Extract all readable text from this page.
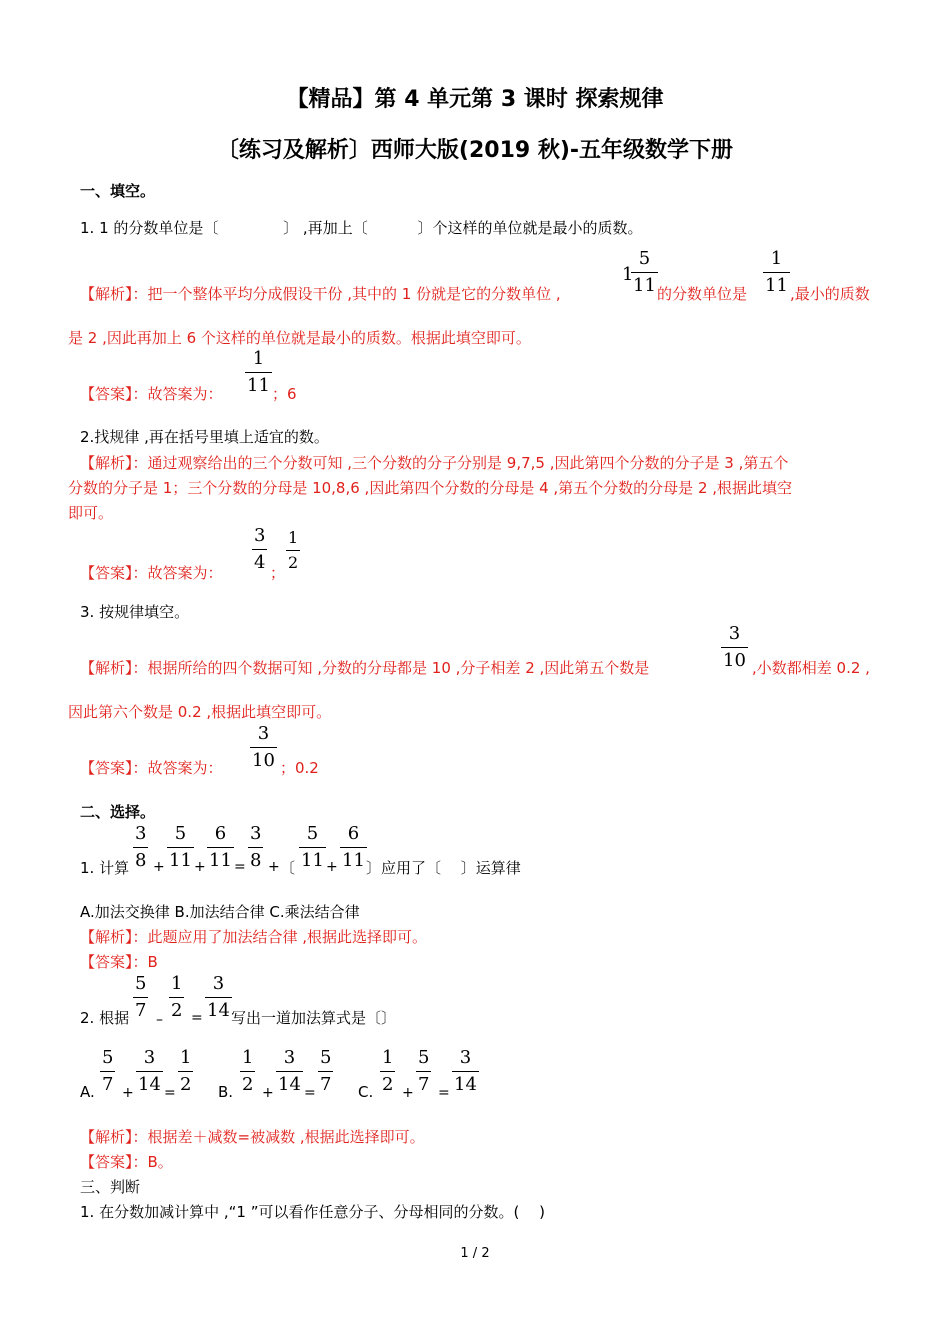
【精品】第 4 单元第 3 课时 探索规律
〔练习及解析〕西师大版(2019 秋)-五年级数学下册
一、填空。
1. 1 的分数单位是〔 　　　　〕 ,再加上〔 　　　〕个这样的单位就是最小的质数。
【解析】：把一个整体平均分成假设干份 ,其中的 1 份就是它的分数单位 ,
1
$\frac{5}{11}$ 的分数单位是 $\frac{1}{11}$ ,最小的质数
是 2 ,因此再加上 6 个这样的单位就是最小的质数。根据此填空即可。
【答案】：故答案为： $\frac{1}{11}$ ；6
2.找规律 ,再在括号里填上适宜的数。
【解析】：通过观察给出的三个分数可知 ,三个分数的分子分别是 9,7,5 ,因此第四个分数的分子是 3 ,第五个
分数的分子是 1；三个分数的分母是 10,8,6 ,因此第四个分数的分母是 4 ,第五个分数的分母是 2 ,根据此填空
即可。
【答案】：故答案为：
$\frac{3}{4}$
；
$\frac{1}{2}$
3. 按规律填空。
【解析】：根据所给的四个数据可知 ,分数的分母都是 10 ,分子相差 2 ,因此第五个数是	$\frac{3}{10}$ ,小数都相差 0.2 ,
因此第六个数是 0.2 ,根据此填空即可。
【答案】：故答案为： $\frac{3}{10}$ ；0.2
二、选择。
1. 计算 $\frac{3}{8} + \frac{5}{11} + \frac{6}{11} = \frac{3}{8}$ + 〔 $\frac{5}{11} + \frac{6}{11}$ 〕应用了〔　 〕运算律
A.加法交换律 B.加法结合律 C.乘法结合律
【解析】：此题应用了加法结合律 ,根据此选择即可。
【答案】：B
2. 根据 $\frac{5}{7} - \frac{1}{2} = \frac{3}{14}$ 写出一道加法算式是〔〕
A. $\frac{5}{7} + \frac{3}{14} = \frac{1}{2} B$. $\frac{1}{2} + \frac{3}{14} = \frac{5}{7} C$. $\frac{1}{2} + \frac{5}{7} = \frac{3}{14}$
【解析】：根据差＋减数=被减数 ,根据此选择即可。
【答案】：B。
三、判断
1. 在分数加减计算中 ,“1 ”可以看作任意分子、分母相同的分数。(　 )
1 / 2
